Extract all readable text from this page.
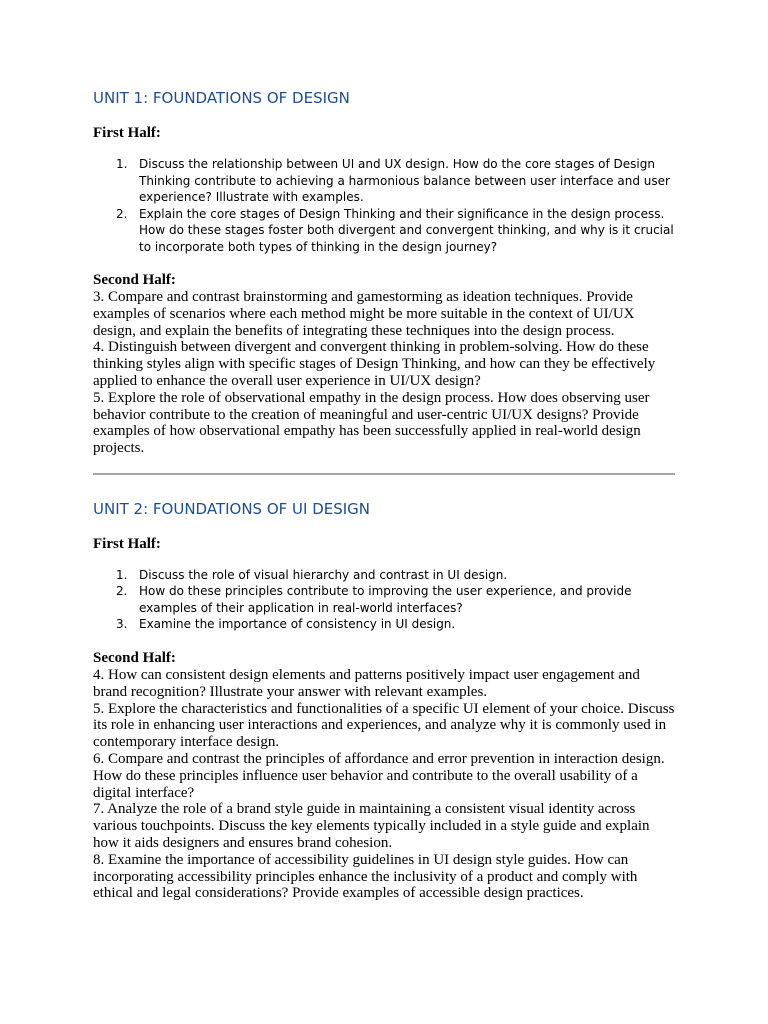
UNIT 1: FOUNDATIONS OF DESIGN

First Half:

1. Discuss the relationship between UI and UX design. How do the core stages of Design Thinking contribute to achieving a harmonious balance between user interface and user experience? Illustrate with examples.
2. Explain the core stages of Design Thinking and their significance in the design process. How do these stages foster both divergent and convergent thinking, and why is it crucial to incorporate both types of thinking in the design journey?

Second Half:

3. Compare and contrast brainstorming and gamestorming as ideation techniques. Provide examples of scenarios where each method might be more suitable in the context of UI/UX design, and explain the benefits of integrating these techniques into the design process.

4. Distinguish between divergent and convergent thinking in problem-solving. How do these thinking styles align with specific stages of Design Thinking, and how can they be effectively applied to enhance the overall user experience in UI/UX design?

5. Explore the role of observational empathy in the design process. How does observing user behavior contribute to the creation of meaningful and user-centric UI/UX designs? Provide examples of how observational empathy has been successfully applied in real-world design projects.

UNIT 2: FOUNDATIONS OF UI DESIGN

First Half:

1. Discuss the role of visual hierarchy and contrast in UI design.
2. How do these principles contribute to improving the user experience, and provide examples of their application in real-world interfaces?
3. Examine the importance of consistency in UI design.

Second Half:

4. How can consistent design elements and patterns positively impact user engagement and brand recognition? Illustrate your answer with relevant examples.

5. Explore the characteristics and functionalities of a specific UI element of your choice. Discuss its role in enhancing user interactions and experiences, and analyze why it is commonly used in contemporary interface design.

6. Compare and contrast the principles of affordance and error prevention in interaction design. How do these principles influence user behavior and contribute to the overall usability of a digital interface?

7. Analyze the role of a brand style guide in maintaining a consistent visual identity across various touchpoints. Discuss the key elements typically included in a style guide and explain how it aids designers and ensures brand cohesion.

8. Examine the importance of accessibility guidelines in UI design style guides. How can incorporating accessibility principles enhance the inclusivity of a product and comply with ethical and legal considerations? Provide examples of accessible design practices.
